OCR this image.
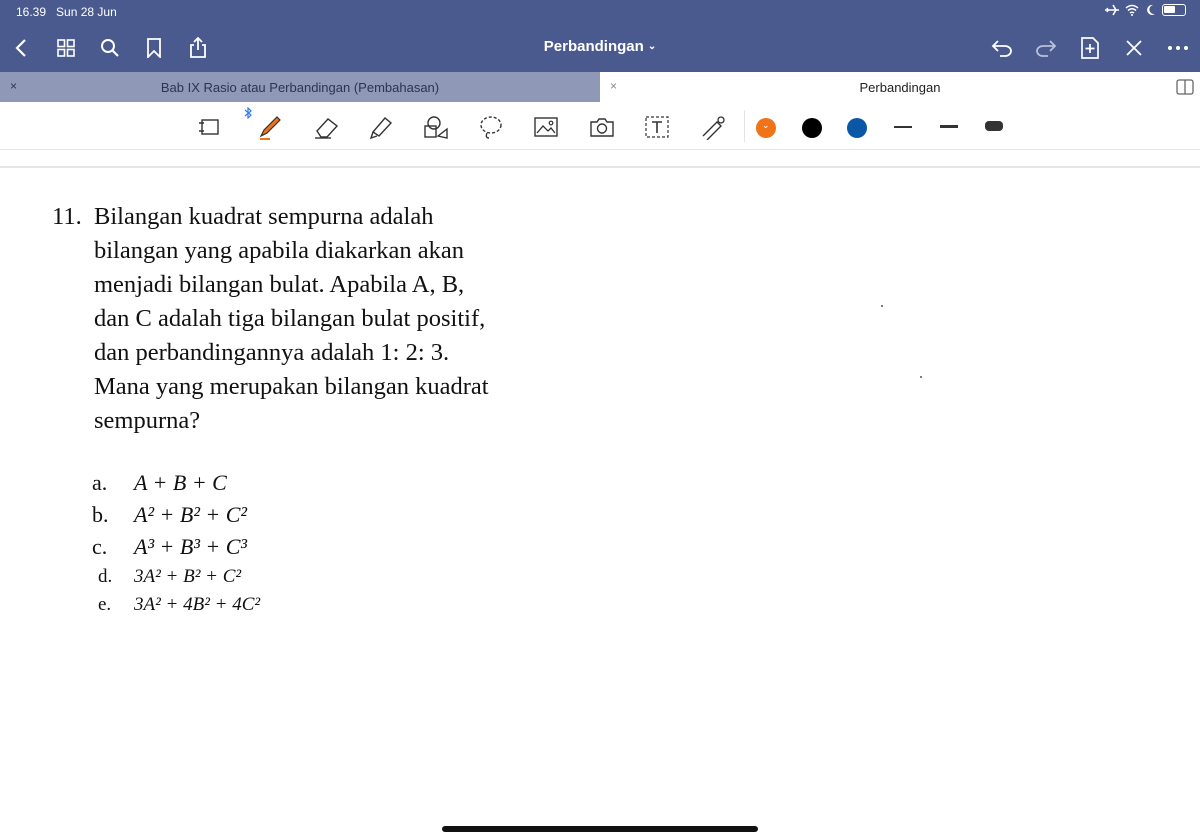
16.39 Sun 28 Jun
Perbandingan ⌄
×	Bab IX Rasio atau Perbandingan (Pembahasan)	×	Perbandingan
⌄
11. Bilangan kuadrat sempurna adalah bilangan yang apabila diakarkan akan menjadi bilangan bulat. Apabila A, B, dan C adalah tiga bilangan bulat positif, dan perbandingannya adalah 1: 2: 3. Mana yang merupakan bilangan kuadrat sempurna?
a.	A + B + C
b.	A² + B² + C²
c.	A³ + B³ + C³
d.	3A² + B² + C²
e.	3A² + 4B² + 4C²
